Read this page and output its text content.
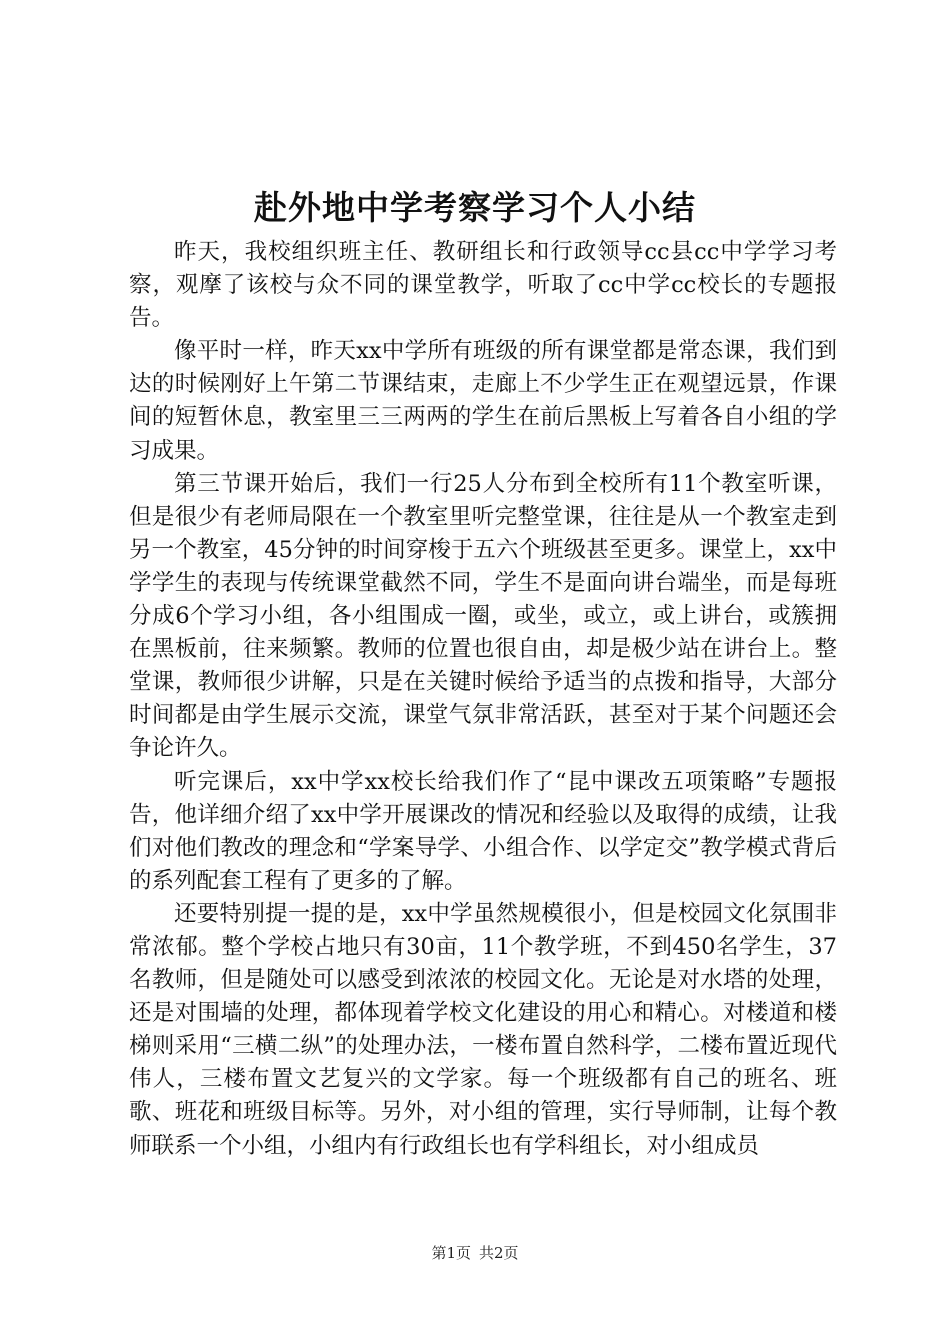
赴外地中学考察学习个人小结

昨天，我校组织班主任、教研组长和行政领导cc县cc中学学习考察，观摩了该校与众不同的课堂教学，听取了cc中学cc校长的专题报告。

像平时一样，昨天xx中学所有班级的所有课堂都是常态课，我们到达的时候刚好上午第二节课结束，走廊上不少学生正在观望远景，作课间的短暂休息，教室里三三两两的学生在前后黑板上写着各自小组的学习成果。

第三节课开始后，我们一行25人分布到全校所有11个教室听课，但是很少有老师局限在一个教室里听完整堂课，往往是从一个教室走到另一个教室，45分钟的时间穿梭于五六个班级甚至更多。课堂上，xx中学学生的表现与传统课堂截然不同，学生不是面向讲台端坐，而是每班分成6个学习小组，各小组围成一圈，或坐，或立，或上讲台，或簇拥在黑板前，往来频繁。教师的位置也很自由，却是极少站在讲台上。整堂课，教师很少讲解，只是在关键时候给予适当的点拨和指导，大部分时间都是由学生展示交流，课堂气氛非常活跃，甚至对于某个问题还会争论许久。

听完课后，xx中学xx校长给我们作了“昆中课改五项策略”专题报告，他详细介绍了xx中学开展课改的情况和经验以及取得的成绩，让我们对他们教改的理念和“学案导学、小组合作、以学定交”教学模式背后的系列配套工程有了更多的了解。

还要特别提一提的是，xx中学虽然规模很小，但是校园文化氛围非常浓郁。整个学校占地只有30亩，11个教学班，不到450名学生，37名教师，但是随处可以感受到浓浓的校园文化。无论是对水塔的处理，还是对围墙的处理，都体现着学校文化建设的用心和精心。对楼道和楼梯则采用“三横二纵”的处理办法，一楼布置自然科学，二楼布置近现代伟人，三楼布置文艺复兴的文学家。每一个班级都有自己的班名、班歌、班花和班级目标等。另外，对小组的管理，实行导师制，让每个教师联系一个小组，小组内有行政组长也有学科组长，对小组成员

第1页 共2页
